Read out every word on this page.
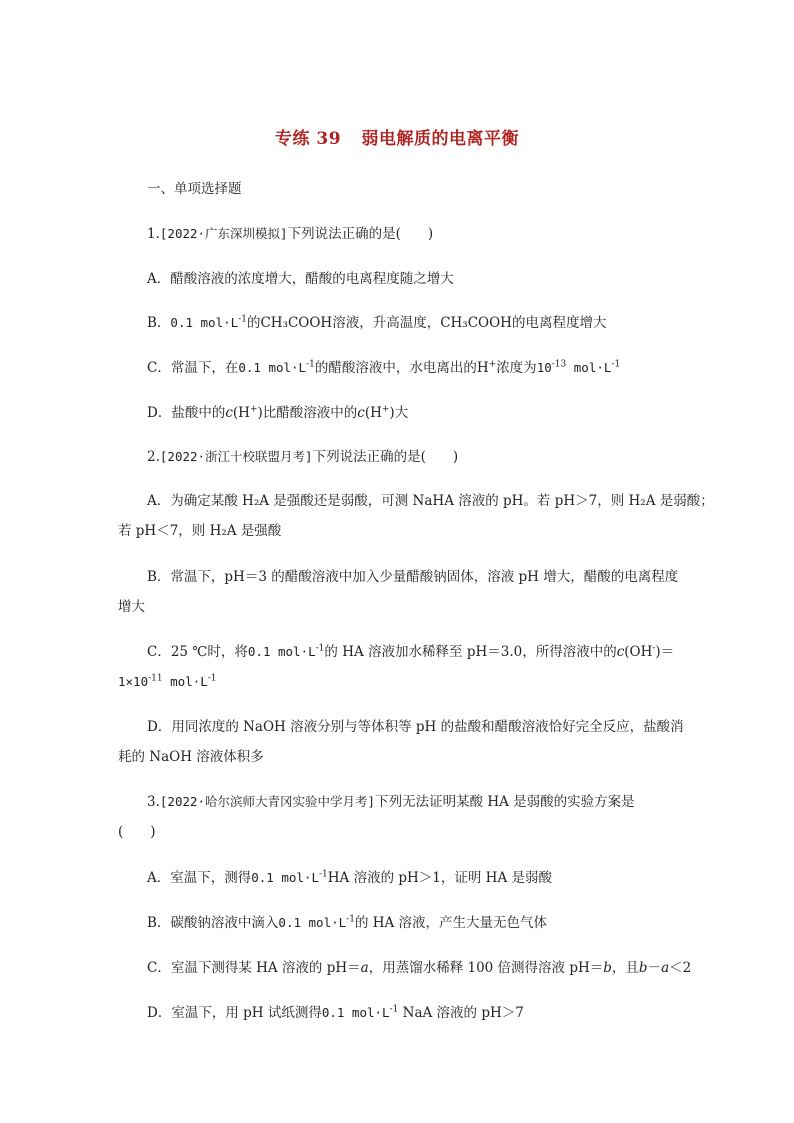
专练 39 弱电解质的电离平衡
一、单项选择题
1.[2022·广东深圳模拟]下列说法正确的是(　　)
A．醋酸溶液的浓度增大，醋酸的电离程度随之增大
B．0.1 $mol\cdot L^{-1}$的CH₃COOH溶液，升高温度，CH₃COOH的电离程度增大
C．常温下，在0.1 $mol\cdot L^{-1}$的醋酸溶液中，水电离出的H+浓度为$10^{-13}$ $mol\cdot L^{-1}$
D．盐酸中的c(H+)比醋酸溶液中的c(H+)大
2.[2022·浙江十校联盟月考]下列说法正确的是(　　)
A．为确定某酸 H₂A 是强酸还是弱酸，可测 NaHA 溶液的 pH。若 pH＞7，则 H₂A 是弱酸；
若 pH＜7，则 H₂A 是强酸
B．常温下，pH＝3 的醋酸溶液中加入少量醋酸钠固体，溶液 pH 增大，醋酸的电离程度
增大
C．25 ℃时，将0.1 $mol\cdot L^{-1}$的 HA 溶液加水稀释至 pH＝3.0，所得溶液中的c(OH-)＝
$1\times 10^{-11}$ $mol\cdot L^{-1}$
D．用同浓度的 NaOH 溶液分别与等体积等 pH 的盐酸和醋酸溶液恰好完全反应，盐酸消
耗的 NaOH 溶液体积多
3.[2022·哈尔滨师大青冈实验中学月考]下列无法证明某酸 HA 是弱酸的实验方案是
(　　)
A．室温下，测得0.1 $mol\cdot L^{-1}HA$ 溶液的 pH＞1，证明 HA 是弱酸
B．碳酸钠溶液中滴入0.1 $mol\cdot L^{-1}$的 HA 溶液，产生大量无色气体
C．室温下测得某 HA 溶液的 pH＝a，用蒸馏水稀释 100 倍测得溶液 pH＝b，且b－a＜2
D．室温下，用 pH 试纸测得0.1 $mol\cdot L^{-1}$ NaA 溶液的 pH＞7
